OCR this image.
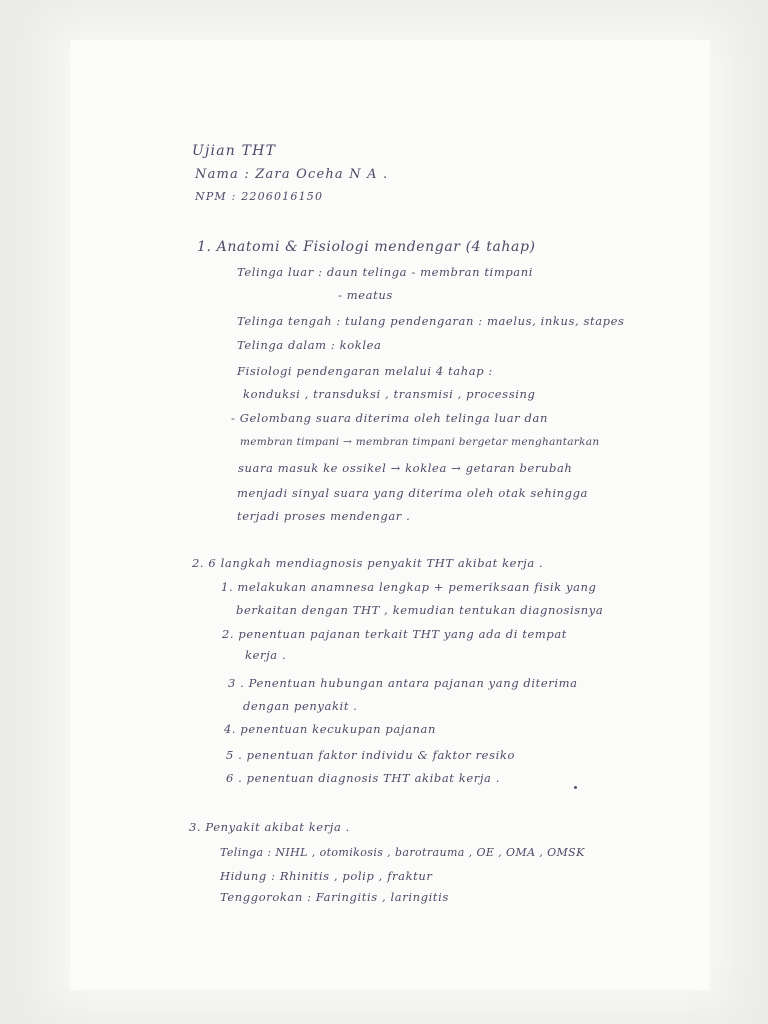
Ujian THT
Nama : Zara Oceha N A .
NPM : 2206016150
1. Anatomi & Fisiologi mendengar (4 tahap)
Telinga luar : daun telinga - membran timpani
- meatus
Telinga tengah : tulang pendengaran : maelus, inkus, stapes
Telinga dalam : koklea
Fisiologi pendengaran melalui 4 tahap :
konduksi , transduksi , transmisi , processing
- Gelombang suara diterima oleh telinga luar dan
membran timpani → membran timpani bergetar menghantarkan
suara masuk ke ossikel → koklea → getaran berubah
menjadi sinyal suara yang diterima oleh otak sehingga
terjadi proses mendengar .
2. 6 langkah mendiagnosis penyakit THT akibat kerja .
1. melakukan anamnesa lengkap + pemeriksaan fisik yang
berkaitan dengan THT , kemudian tentukan diagnosisnya
2. penentuan pajanan terkait THT yang ada di tempat
kerja .
3 . Penentuan hubungan antara pajanan yang diterima
dengan penyakit .
4. penentuan kecukupan pajanan
5 . penentuan faktor individu & faktor resiko
6 . penentuan diagnosis THT akibat kerja .
3. Penyakit akibat kerja .
Telinga : NIHL , otomikosis , barotrauma , OE , OMA , OMSK
Hidung : Rhinitis , polip , fraktur
Tenggorokan : Faringitis , laringitis
